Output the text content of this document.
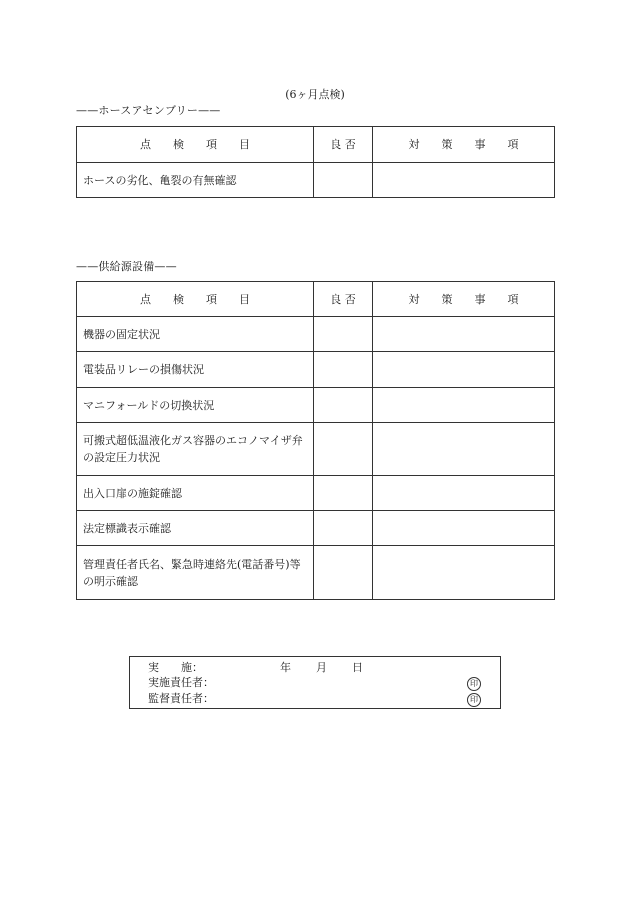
(6ヶ月点検)
——ホースアセンブリー——
点　　検　　項　　目	良 否	対　　策　　事　　項
ホースの劣化、亀裂の有無確認		
——供給源設備——
点　　検　　項　　目	良 否	対　　策　　事　　項
機器の固定状況		
電装品リレーの損傷状況		
マニフォールドの切換状況		
可搬式超低温液化ガス容器のエコノマイザ弁の設定圧力状況		
出入口扉の施錠確認		
法定標識表示確認		
管理責任者氏名、緊急時連絡先(電話番号)等の明示確認		
実　　施：	年 月 日
実施責任者：	印
監督責任者：	印
